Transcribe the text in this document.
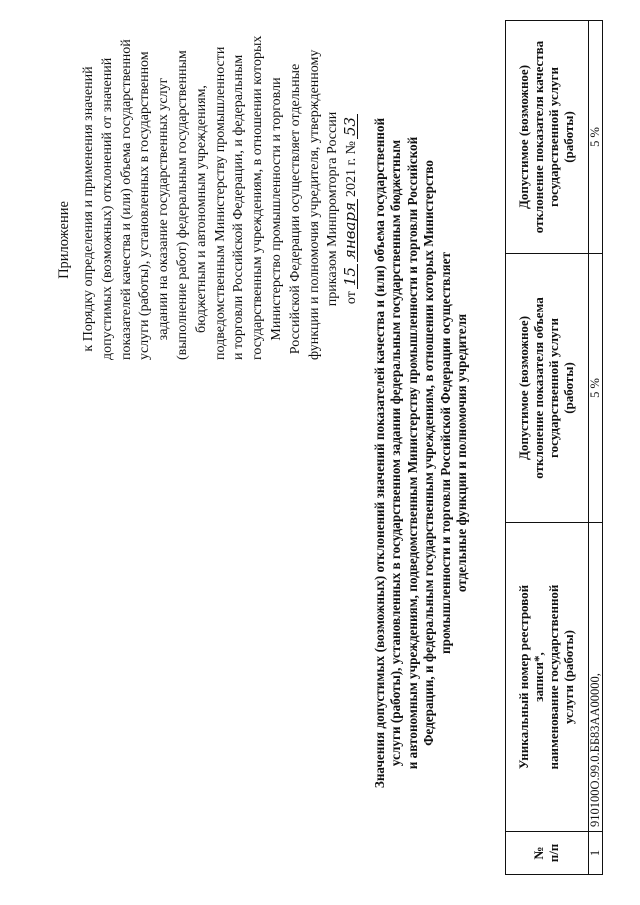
Приложение к Порядку определения и применения значений допустимых (возможных) отклонений от значений показателей качества и (или) объема государственной услуги (работы), установленных в государственном задании на оказание государственных услуг (выполнение работ) федеральным государственным бюджетным и автономным учреждениям, подведомственным Министерству промышленности и торговли Российской Федерации, и федеральным государственным учреждениям, в отношении которых Министерство промышленности и торговли Российской Федерации осуществляет отдельные функции и полномочия учредителя, утвержденному приказом Минпромторга России от
15
января
2021 г. №
53 Значения допустимых (возможных) отклонений значений показателей качества и (или) объема государственной услуги (работы), установленных в государственном задании федеральным государственным бюджетным и автономным учреждениям, подведомственным Министерству промышленности и торговли Российской Федерации, и федеральным государственным учреждениям, в отношении которых Министерство промышленности и торговли Российской Федерации осуществляет отдельные функции и полномочия учредителя
№ п/п	Уникальный номер реестровой записи*, наименование государственной услуги (работы)	Допустимое (возможное) отклонение показателя объема государственной услуги (работы)	Допустимое (возможное) отклонение показателя качества государственной услуги (работы)

1	910100О.99.0.ББ83АА00000,	5 %	5 %
